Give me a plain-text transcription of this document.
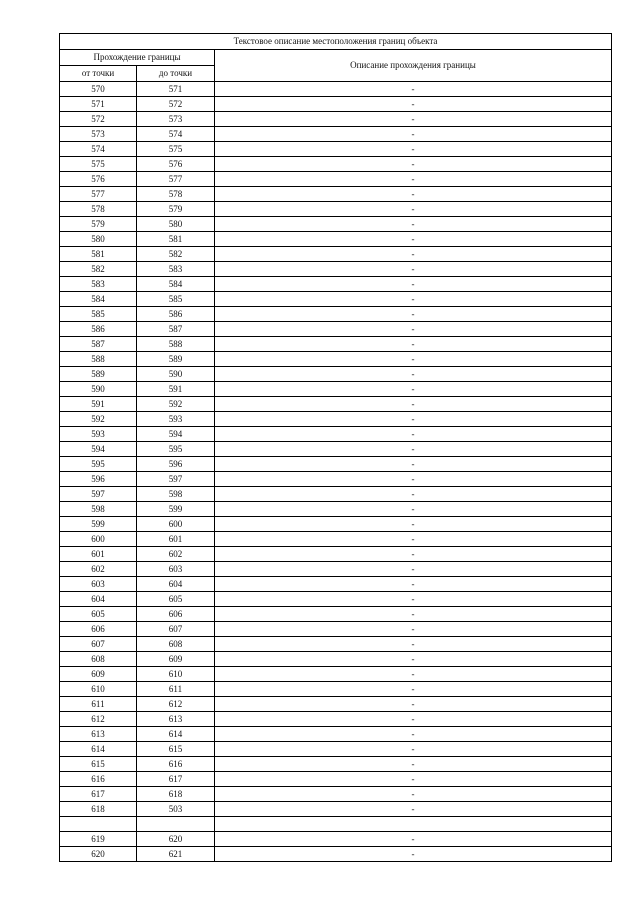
Текстовое описание местоположения границ объекта		
Прохождение границы		Описание прохождения границы
от точки	до точки	
570	571	-
571	572	-
572	573	-
573	574	-
574	575	-
575	576	-
576	577	-
577	578	-
578	579	-
579	580	-
580	581	-
581	582	-
582	583	-
583	584	-
584	585	-
585	586	-
586	587	-
587	588	-
588	589	-
589	590	-
590	591	-
591	592	-
592	593	-
593	594	-
594	595	-
595	596	-
596	597	-
597	598	-
598	599	-
599	600	-
600	601	-
601	602	-
602	603	-
603	604	-
604	605	-
605	606	-
606	607	-
607	608	-
608	609	-
609	610	-
610	611	-
611	612	-
612	613	-
613	614	-
614	615	-
615	616	-
616	617	-
617	618	-
618	503	-

619	620	-
620	621	-
